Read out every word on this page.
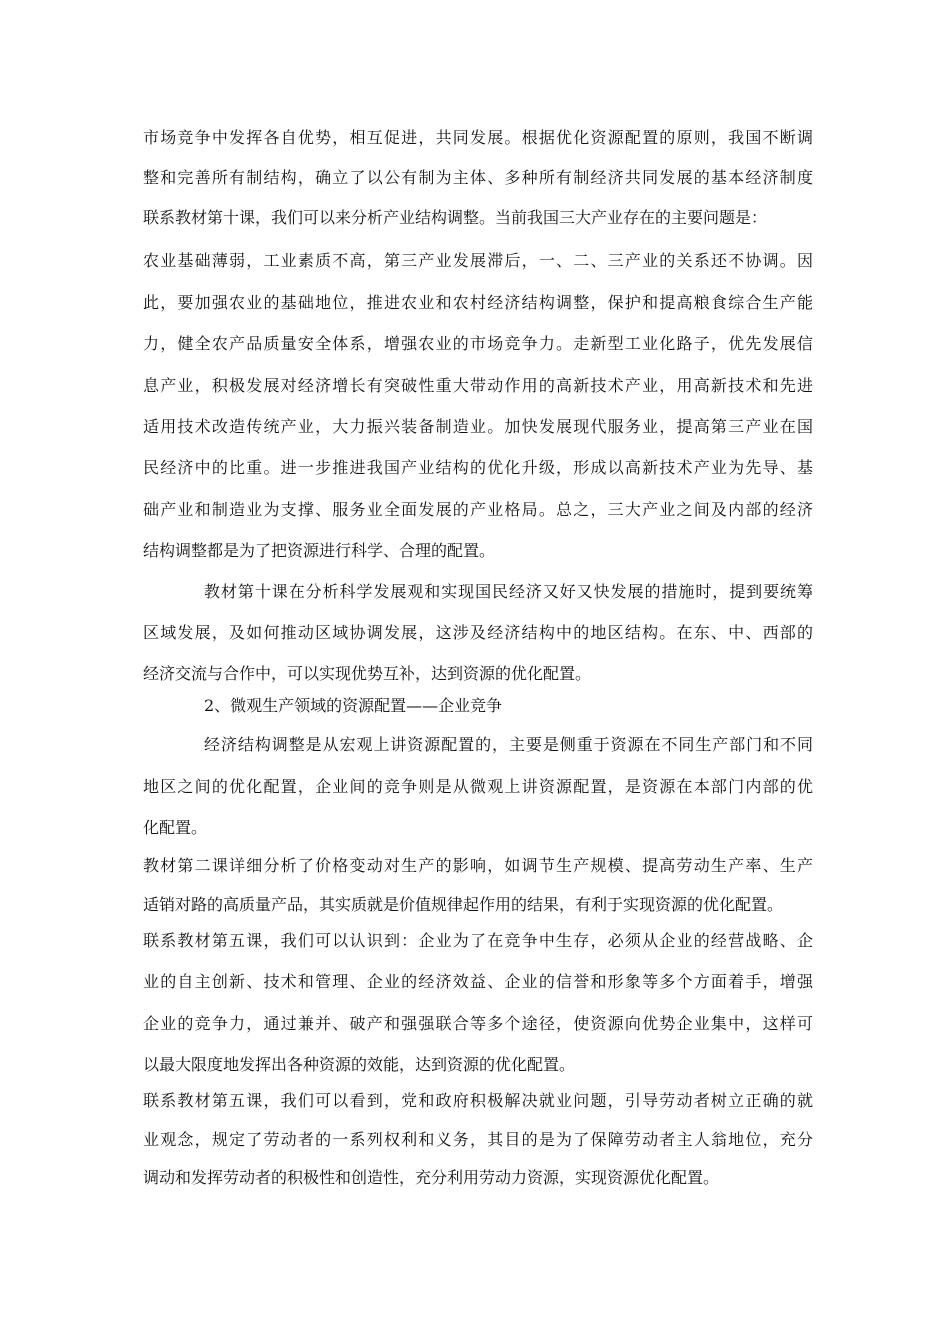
市场竞争中发挥各自优势，相互促进，共同发展。根据优化资源配置的原则，我国不断调
整和完善所有制结构，确立了以公有制为主体、多种所有制经济共同发展的基本经济制度
联系教材第十课，我们可以来分析产业结构调整。当前我国三大产业存在的主要问题是：
农业基础薄弱，工业素质不高，第三产业发展滞后，一、二、三产业的关系还不协调。因
此，要加强农业的基础地位，推进农业和农村经济结构调整，保护和提高粮食综合生产能
力，健全农产品质量安全体系，增强农业的市场竞争力。走新型工业化路子，优先发展信
息产业，积极发展对经济增长有突破性重大带动作用的高新技术产业，用高新技术和先进
适用技术改造传统产业，大力振兴装备制造业。加快发展现代服务业，提高第三产业在国
民经济中的比重。进一步推进我国产业结构的优化升级，形成以高新技术产业为先导、基
础产业和制造业为支撑、服务业全面发展的产业格局。总之，三大产业之间及内部的经济
结构调整都是为了把资源进行科学、合理的配置。
教材第十课在分析科学发展观和实现国民经济又好又快发展的措施时，提到要统筹
区域发展，及如何推动区域协调发展，这涉及经济结构中的地区结构。在东、中、西部的
经济交流与合作中，可以实现优势互补，达到资源的优化配置。
2、微观生产领域的资源配置——企业竞争
经济结构调整是从宏观上讲资源配置的，主要是侧重于资源在不同生产部门和不同
地区之间的优化配置，企业间的竞争则是从微观上讲资源配置，是资源在本部门内部的优
化配置。
教材第二课详细分析了价格变动对生产的影响，如调节生产规模、提高劳动生产率、生产
适销对路的高质量产品，其实质就是价值规律起作用的结果，有利于实现资源的优化配置。
联系教材第五课，我们可以认识到：企业为了在竞争中生存，必须从企业的经营战略、企
业的自主创新、技术和管理、企业的经济效益、企业的信誉和形象等多个方面着手，增强
企业的竞争力，通过兼并、破产和强强联合等多个途径，使资源向优势企业集中，这样可
以最大限度地发挥出各种资源的效能，达到资源的优化配置。
联系教材第五课，我们可以看到，党和政府积极解决就业问题，引导劳动者树立正确的就
业观念，规定了劳动者的一系列权利和义务，其目的是为了保障劳动者主人翁地位，充分
调动和发挥劳动者的积极性和创造性，充分利用劳动力资源，实现资源优化配置。
